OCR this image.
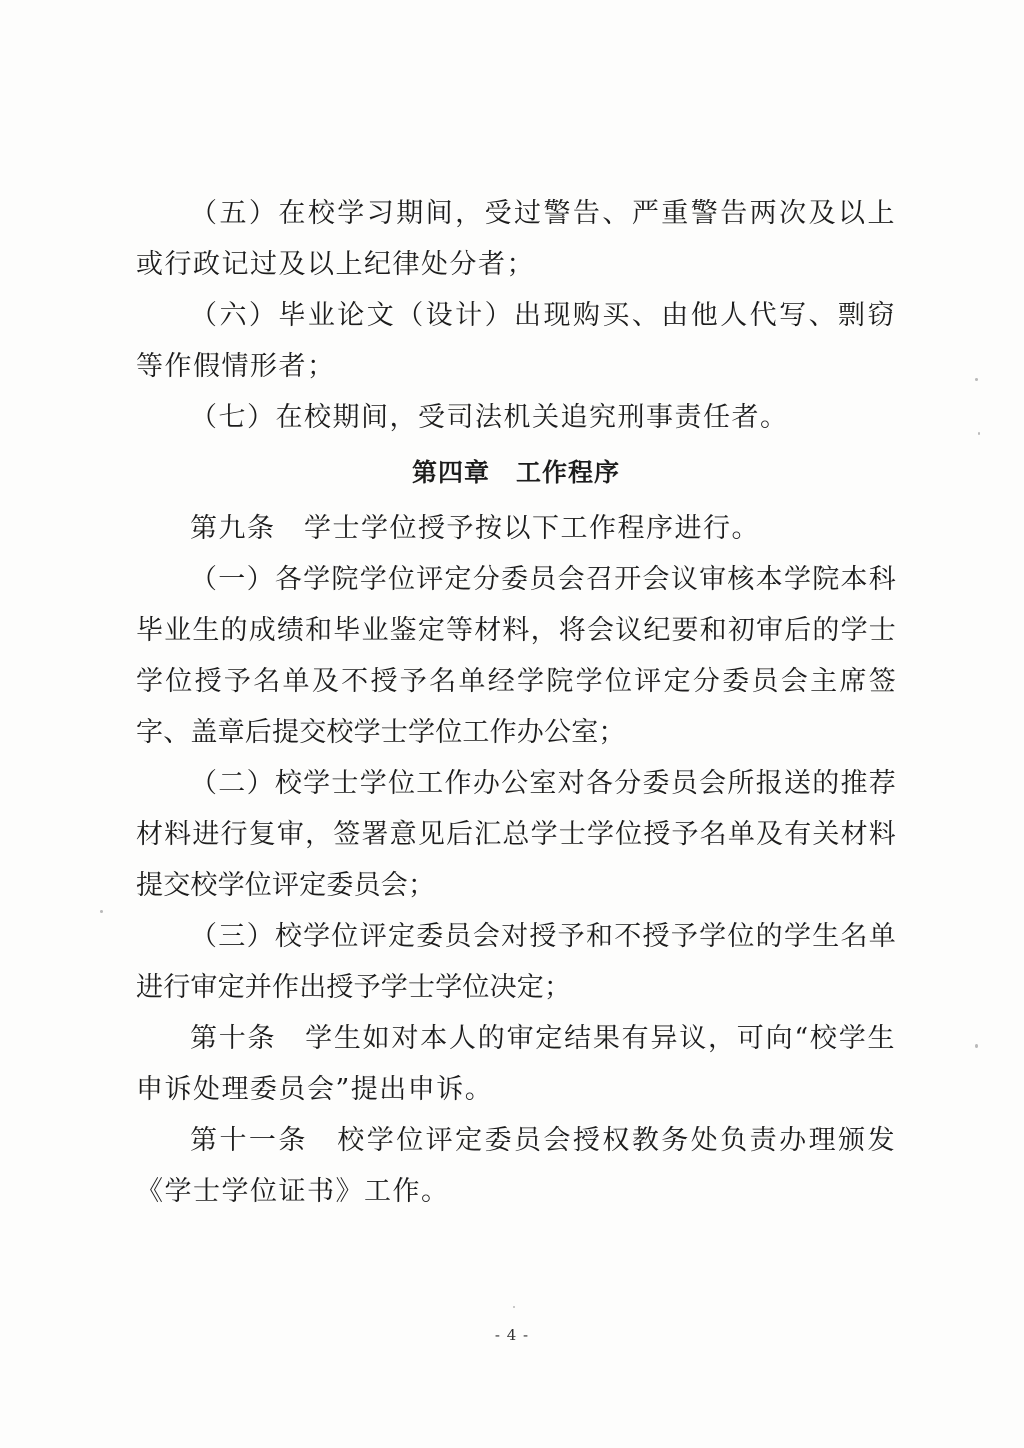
（五）在校学习期间，受过警告、严重警告两次及以上或行政记过及以上纪律处分者；

（六）毕业论文（设计）出现购买、由他人代写、剽窃等作假情形者；

（七）在校期间，受司法机关追究刑事责任者。

第四章 工作程序

第九条　学士学位授予按以下工作程序进行。

（一）各学院学位评定分委员会召开会议审核本学院本科毕业生的成绩和毕业鉴定等材料，将会议纪要和初审后的学士学位授予名单及不授予名单经学院学位评定分委员会主席签字、盖章后提交校学士学位工作办公室；

（二）校学士学位工作办公室对各分委员会所报送的推荐材料进行复审，签署意见后汇总学士学位授予名单及有关材料提交校学位评定委员会；

（三）校学位评定委员会对授予和不授予学位的学生名单进行审定并作出授予学士学位决定；

第十条　学生如对本人的审定结果有异议，可向“校学生申诉处理委员会”提出申诉。

第十一条　校学位评定委员会授权教务处负责办理颁发《学士学位证书》工作。

- 4 -
